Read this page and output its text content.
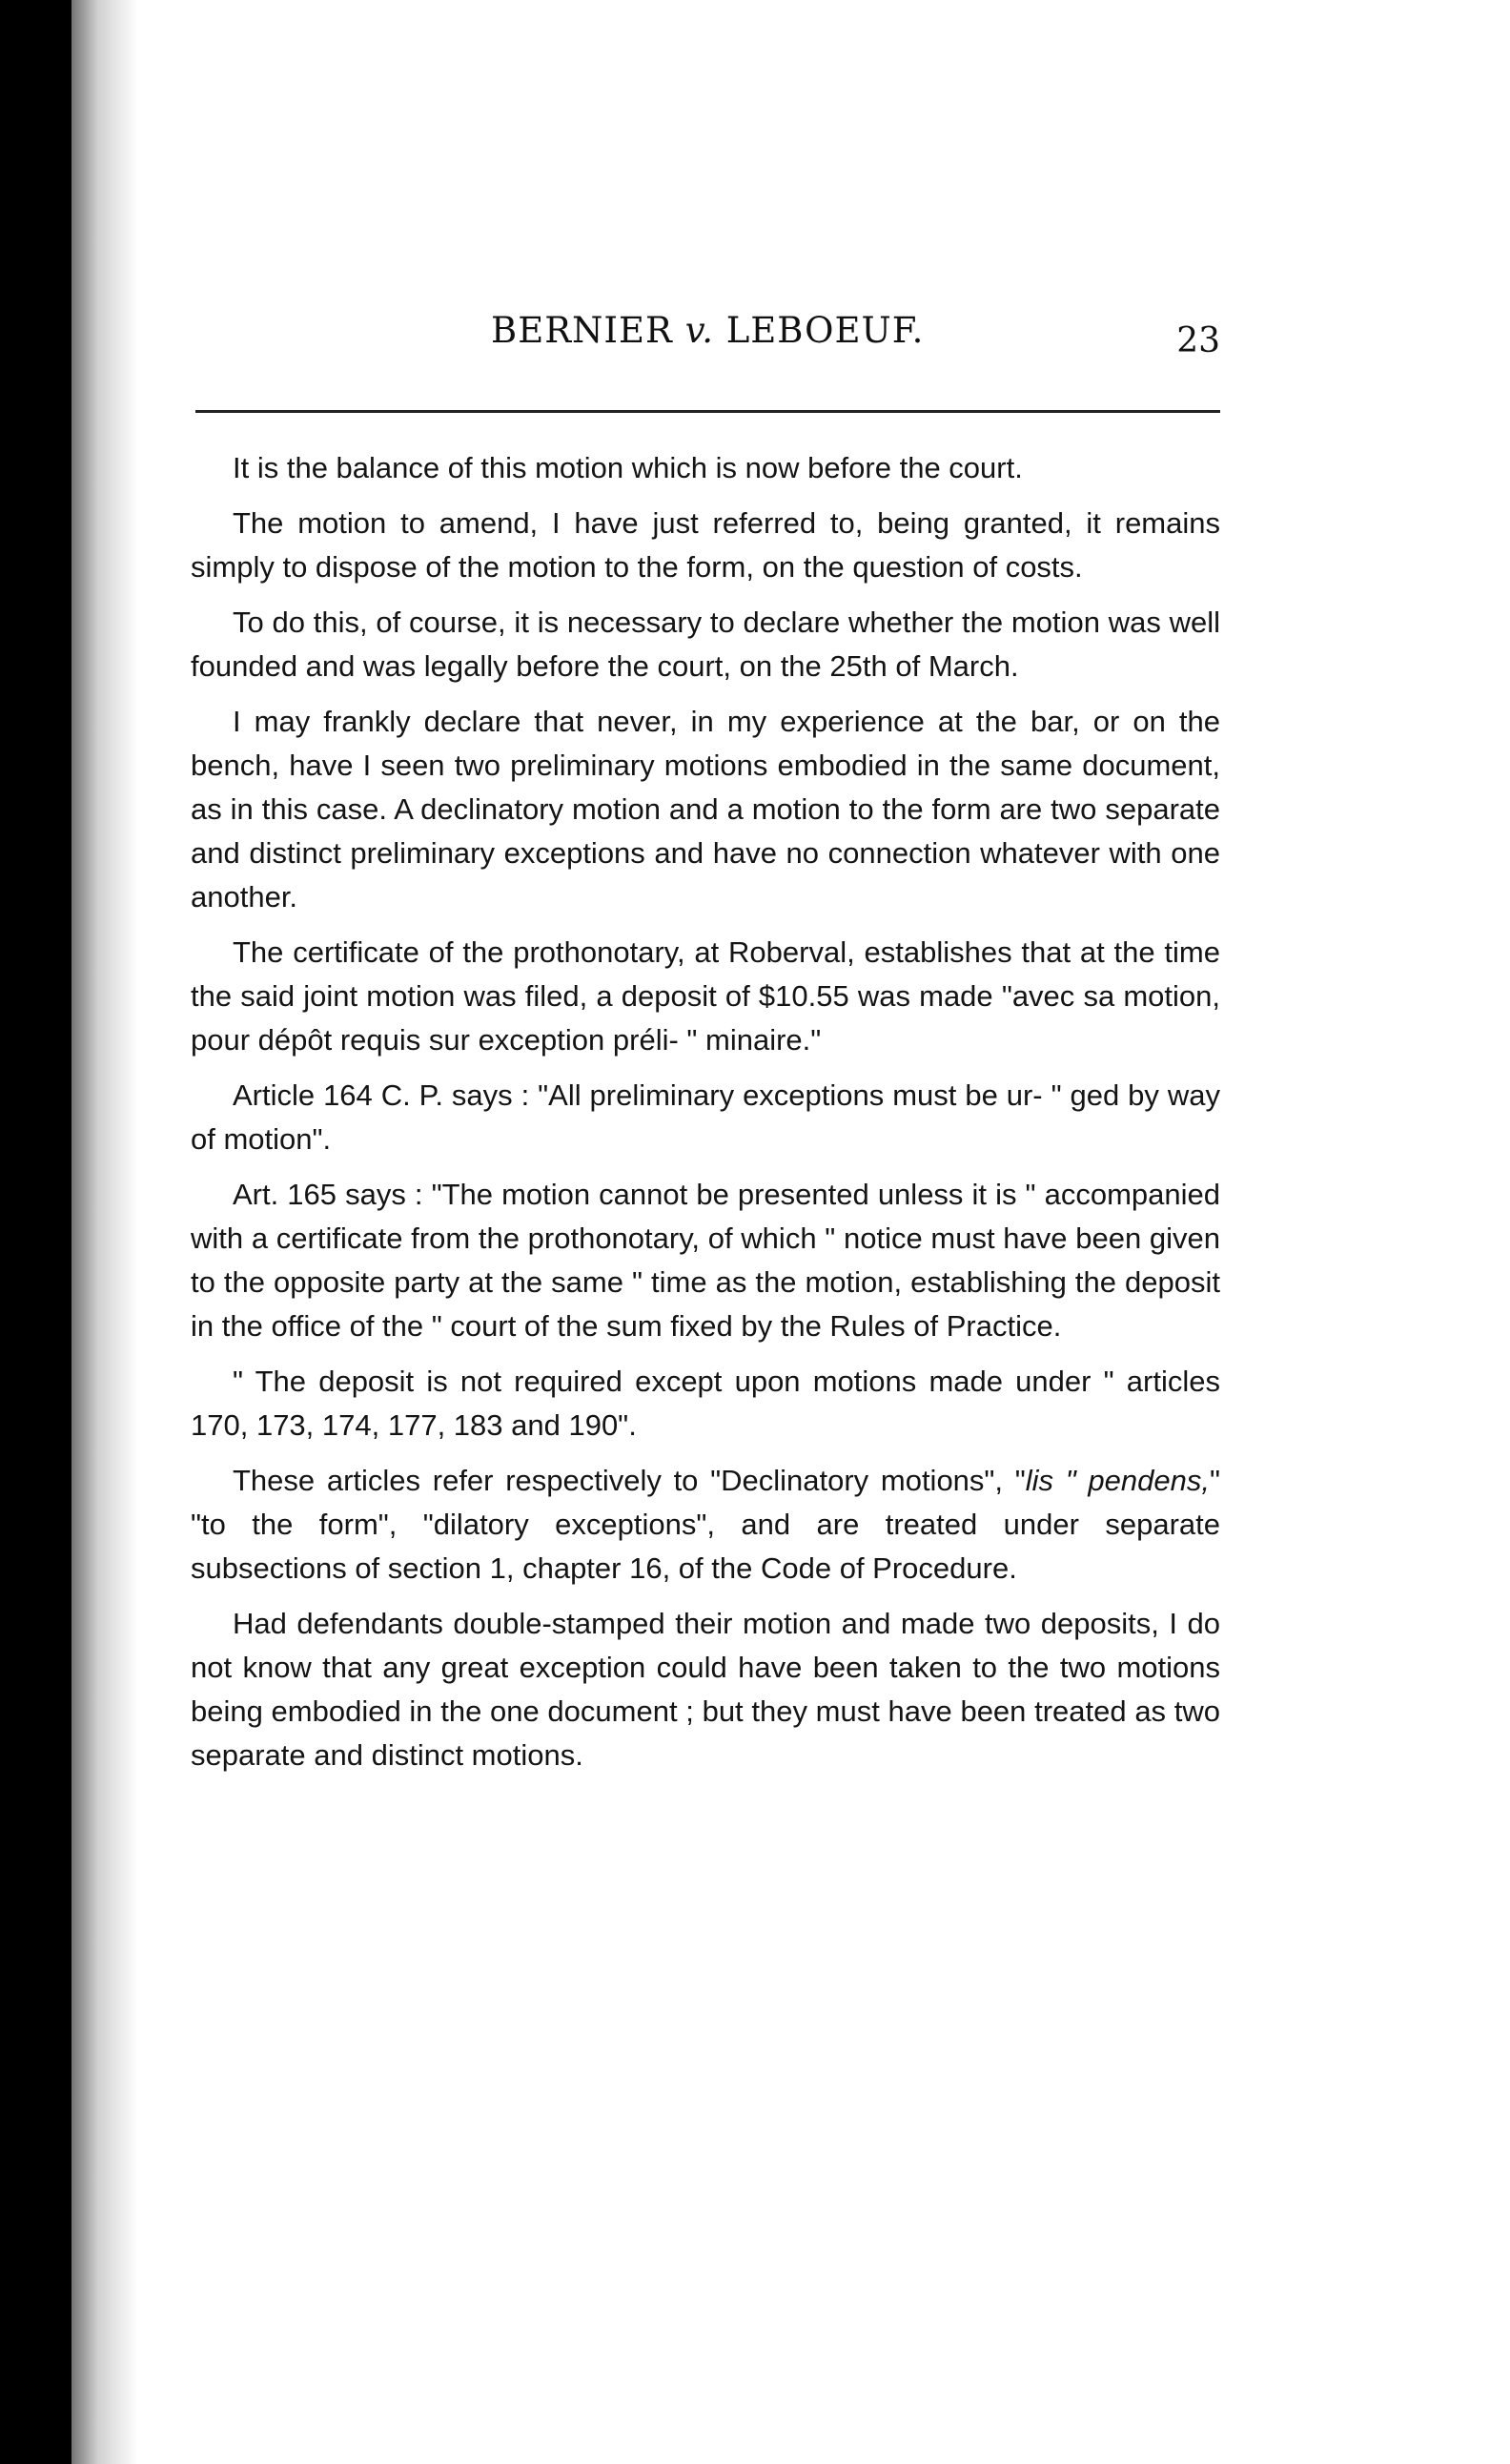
BERNIER v. LEBOEUF.	23

It is the balance of this motion which is now before the court.

The motion to amend, I have just referred to, being granted, it remains simply to dispose of the motion to the form, on the question of costs.

To do this, of course, it is necessary to declare whether the motion was well founded and was legally before the court, on the 25th of March.

I may frankly declare that never, in my experience at the bar, or on the bench, have I seen two preliminary motions embodied in the same document, as in this case. A declinatory motion and a motion to the form are two separate and distinct preliminary exceptions and have no connection whatever with one another.

The certificate of the prothonotary, at Roberval, establishes that at the time the said joint motion was filed, a deposit of $10.55 was made "avec sa motion, pour dépôt requis sur exception préli- " minaire."

Article 164 C. P. says : "All preliminary exceptions must be ur- " ged by way of motion".

Art. 165 says : "The motion cannot be presented unless it is " accompanied with a certificate from the prothonotary, of which " notice must have been given to the opposite party at the same " time as the motion, establishing the deposit in the office of the " court of the sum fixed by the Rules of Practice.

" The deposit is not required except upon motions made under " articles 170, 173, 174, 177, 183 and 190".

These articles refer respectively to "Declinatory motions", "lis " pendens," "to the form", "dilatory exceptions", and are treated under separate subsections of section 1, chapter 16, of the Code of Procedure.

Had defendants double-stamped their motion and made two deposits, I do not know that any great exception could have been taken to the two motions being embodied in the one document ; but they must have been treated as two separate and distinct motions.
